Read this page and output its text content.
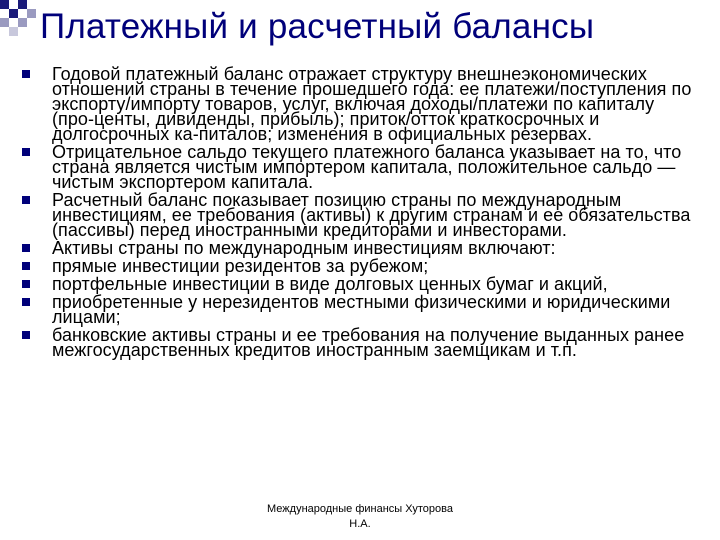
Платежный и расчетный балансы
Годовой платежный баланс отражает структуру внешнеэкономических отношений страны в течение прошедшего года: ее платежи/поступления по экспорту/импорту товаров, услуг, включая доходы/платежи по капиталу (про-центы, дивиденды, прибыль); приток/отток краткосрочных и долгосрочных ка-питалов; изменения в официальных резервах.
Отрицательное сальдо текущего платежного баланса указывает на то, что страна является чистым импортером капитала, положительное сальдо — чистым экспортером капитала.
Расчетный баланс показывает позицию страны по международным инвестициям, ее требования (активы) к другим странам и ее обязательства (пассивы) перед иностранными кредиторами и инвесторами.
Активы страны по международным инвестициям включают:
прямые инвестиции резидентов за рубежом;
портфельные инвестиции в виде долговых ценных бумаг и акций,
приобретенные у нерезидентов местными физическими и юридическими лицами;
банковские активы страны и ее требования на получение выданных ранее межгосударственных кредитов иностранным заемщикам и т.п.
Международные финансы Хуторова
Н.А.
